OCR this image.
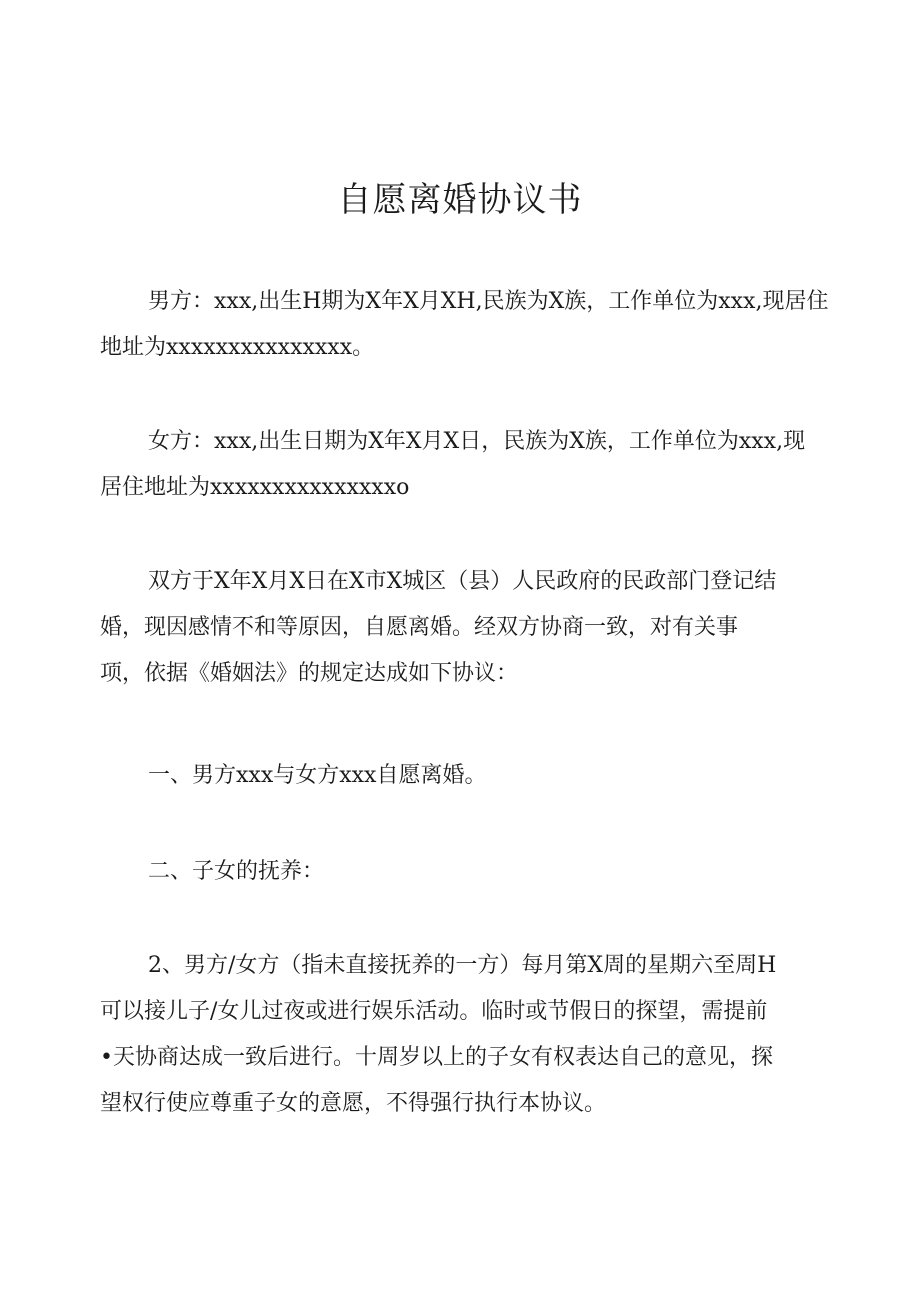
自愿离婚协议书
男方：xxx,出生H期为X年X月XH,民族为X族，工作单位为xxx,现居住
地址为xxxxxxxxxxxxxxx。
女方：xxx,出生日期为X年X月X日，民族为X族，工作单位为xxx,现
居住地址为xxxxxxxxxxxxxxxo
双方于X年X月X日在X市X城区（县）人民政府的民政部门登记结
婚，现因感情不和等原因，自愿离婚。经双方协商一致，对有关事
项，依据《婚姻法》的规定达成如下协议：
一、男方xxx与女方xxx自愿离婚。
二、子女的抚养：
2、男方/女方（指未直接抚养的一方）每月第X周的星期六至周H
可以接儿子/女儿过夜或进行娱乐活动。临时或节假日的探望，需提前
•天协商达成一致后进行。十周岁以上的子女有权表达自己的意见，探
望权行使应尊重子女的意愿，不得强行执行本协议。
